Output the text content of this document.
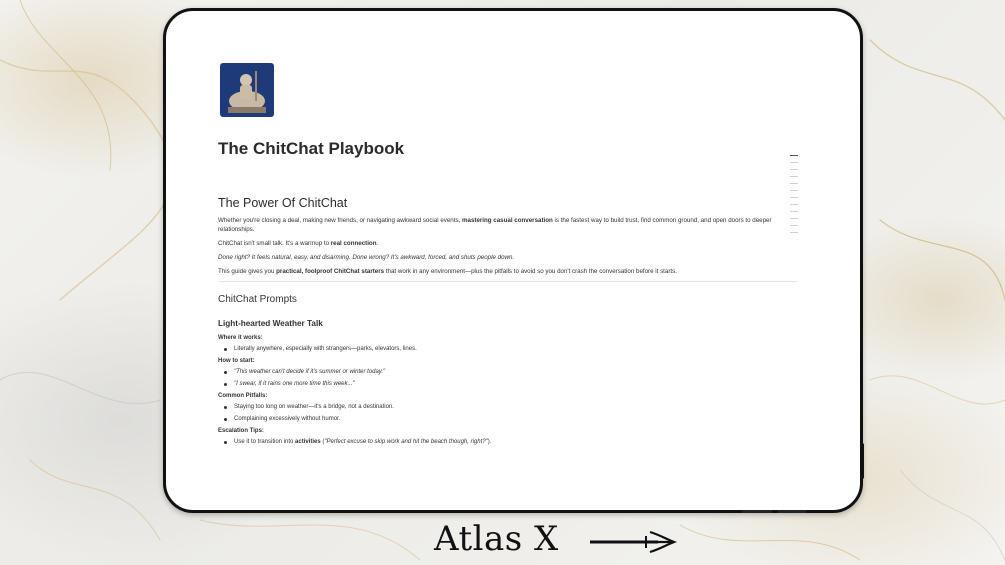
The ChitChat Playbook
The Power Of ChitChat

Whether you're closing a deal, making new friends, or navigating awkward social events, mastering casual conversation is the fastest way to build trust, find common ground, and open doors to deeper relationships.

ChitChat isn't small talk. It's a warmup to real connection.

Done right? It feels natural, easy, and disarming. Done wrong? It's awkward, forced, and shuts people down.

This guide gives you practical, foolproof ChitChat starters that work in any environment—plus the pitfalls to avoid so you don't crash the conversation before it starts.

ChitChat Prompts
Light-hearted Weather Talk
Where it works:
Literally anywhere, especially with strangers—parks, elevators, lines.
How to start:
"This weather can't decide if it's summer or winter today."
"I swear, if it rains one more time this week..."
Common Pitfalls:
Staying too long on weather—it's a bridge, not a destination.
Complaining excessively without humor.
Escalation Tips:
Use it to transition into activities ("Perfect excuse to skip work and hit the beach though, right?").
Atlas X
